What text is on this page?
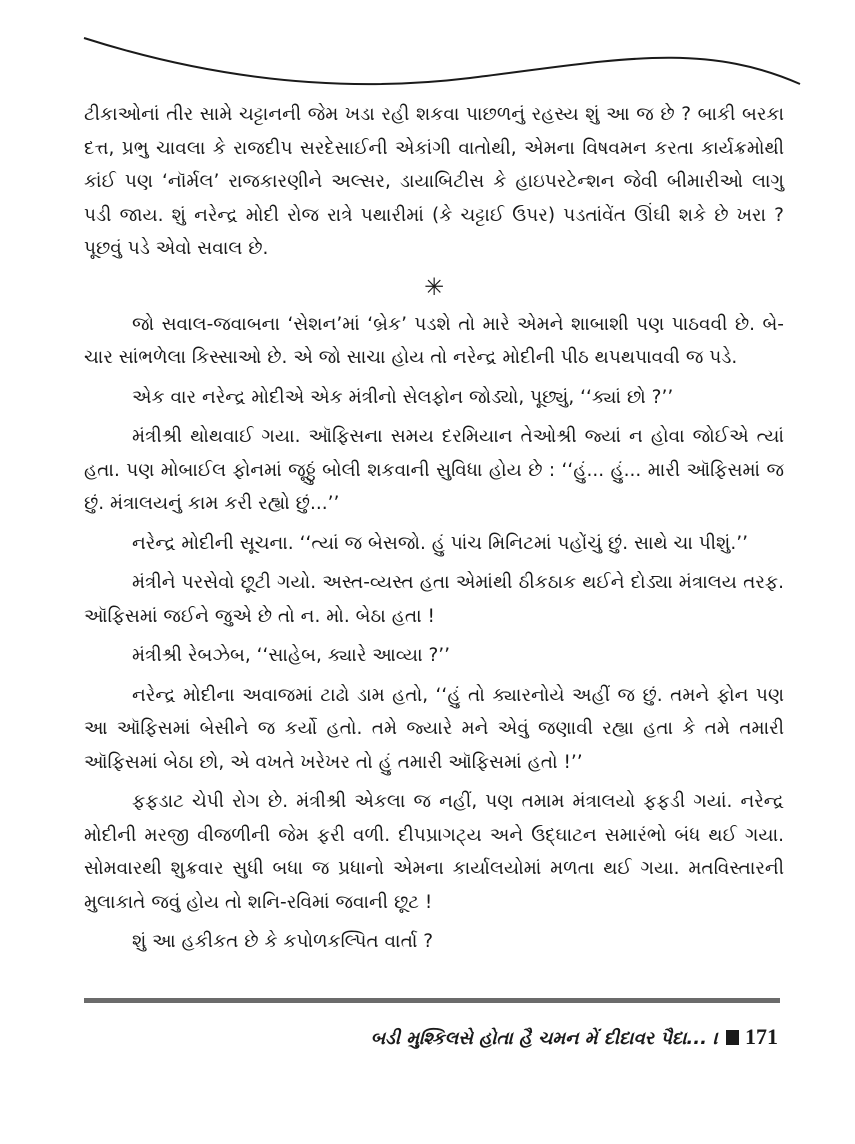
ટીકાઓનાં તીર સામે ચટ્ટાનની જેમ ખડા રહી શકવા પાછળનું રહસ્ય શું આ જ છે ? બાકી બરકા દત્ત, પ્રભુ ચાવલા કે રાજદીપ સરદેસાઈની એકાંગી વાતોથી, એમના વિષવમન કરતા કાર્યક્રમોથી કાંઈ પણ ‘નૉર્મલ’ રાજકારણીને અલ્સર, ડાયાબિટીસ કે હાઇપરટેન્શન જેવી બીમારીઓ લાગુ પડી જાય. શું નરેન્દ્ર મોદી રોજ રાત્રે પથારીમાં (કે ચટ્ટાઈ ઉપર) પડતાંવેંત ઊંઘી શકે છે ખરા ? પૂછવું પડે એવો સવાલ છે.

✳

જો સવાલ-જવાબના ‘સેશન’માં ‘બ્રેક’ પડશે તો મારે એમને શાબાશી પણ પાઠવવી છે. બે-ચાર સાંભળેલા કિસ્સાઓ છે. એ જો સાચા હોય તો નરેન્દ્ર મોદીની પીઠ થપથપાવવી જ પડે.

એક વાર નરેન્દ્ર મોદીએ એક મંત્રીનો સેલફોન જોડ્યો, પૂછ્યું, ‘‘ક્યાં છો ?’’

મંત્રીશ્રી થોથવાઈ ગયા. ઑફિસના સમય દરમિયાન તેઓશ્રી જ્યાં ન હોવા જોઈએ ત્યાં હતા. પણ મોબાઈલ ફોનમાં જૂઠ્ઠું બોલી શકવાની સુવિધા હોય છે : ‘‘હું... હું... મારી ઑફિસમાં જ છું. મંત્રાલયનું કામ કરી રહ્યો છું...’’

નરેન્દ્ર મોદીની સૂચના. ‘‘ત્યાં જ બેસજો. હું પાંચ મિનિટમાં પહોંચું છું. સાથે ચા પીશું.’’

મંત્રીને પરસેવો છૂટી ગયો. અસ્ત-વ્યસ્ત હતા એમાંથી ઠીકઠાક થઈને દોડ્યા મંત્રાલય તરફ. ઑફિસમાં જઈને જુએ છે તો ન. મો. બેઠા હતા !

મંત્રીશ્રી રેબઝેબ, ‘‘સાહેબ, ક્યારે આવ્યા ?’’

નરેન્દ્ર મોદીના અવાજમાં ટાઢો ડામ હતો, ‘‘હું તો ક્યારનોયે અહીં જ છું. તમને ફોન પણ આ ઑફિસમાં બેસીને જ કર્યો હતો. તમે જ્યારે મને એવું જણાવી રહ્યા હતા કે તમે તમારી ઑફિસમાં બેઠા છો, એ વખતે ખરેખર તો હું તમારી ઑફિસમાં હતો !’’

ફફડાટ ચેપી રોગ છે. મંત્રીશ્રી એકલા જ નહીં, પણ તમામ મંત્રાલયો ફફડી ગયાં. નરેન્દ્ર મોદીની મરજી વીજળીની જેમ ફરી વળી. દીપપ્રાગટ્ય અને ઉદ્‌ઘાટન સમારંભો બંધ થઈ ગયા. સોમવારથી શુક્રવાર સુધી બધા જ પ્રધાનો એમના કાર્યાલયોમાં મળતા થઈ ગયા. મતવિસ્તારની મુલાકાતે જવું હોય તો શનિ-રવિમાં જવાની છૂટ !

શું આ હકીકત છે કે કપોળકલ્પિત વાર્તા ?

બડી મુશ્કિલસે હોતા હૈ ચમન મેં દીદાવર પૈદા... । 171
